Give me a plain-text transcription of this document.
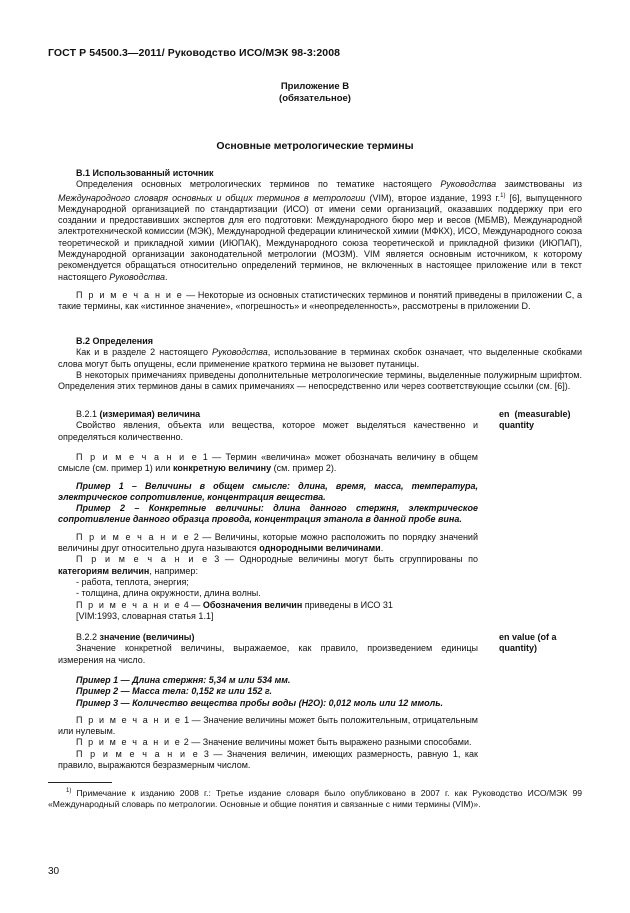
ГОСТ Р 54500.3—2011/ Руководство ИСО/МЭК 98-3:2008
Приложение В
(обязательное)
Основные метрологические термины

В.1 Использованный источник

Определения основных метрологических терминов по тематике настоящего Руководства заимствованы из Международного словаря основных и общих терминов в метрологии (VIM), второе издание, 1993 г.$^{1)}$ [6], выпущенного Международной организацией по стандартизации (ИСО) от имени семи организаций, оказавших поддержку при его создании и предоставивших экспертов для его подготовки: Международного бюро мер и весов (МБМВ), Международной электротехнической комиссии (МЭК), Международной федерации клинической химии (МФКХ), ИСО, Международного союза теоретической и прикладной химии (ИЮПАК), Международного союза теоретической и прикладной физики (ИЮПАП), Международной организации законодательной метрологии (МОЗМ). VIM является основным источником, к которому рекомендуется обращаться относительно определений терминов, не включенных в настоящее приложение или в текст настоящего Руководства.

П р и м е ч а н и е — Некоторые из основных статистических терминов и понятий приведены в приложении С, а такие термины, как «истинное значение», «погрешность» и «неопределенность», рассмотрены в приложении D.

В.2 Определения

Как и в разделе 2 настоящего Руководства, использование в терминах скобок означает, что выделенные скобками слова могут быть опущены, если применение краткого термина не вызовет путаницы.

В некоторых примечаниях приведены дополнительные метрологические термины, выделенные полужирным шрифтом. Определения этих терминов даны в самих примечаниях — непосредственно или через соответствующие ссылки (см. [6]).

В.2.1 (измеримая) величина

Свойство явления, объекта или вещества, которое может выделяться качественно и определяться количественно.

en  (measurable)
quantity

П р и м е ч а н и е 1 — Термин «величина» может обозначать величину в общем смысле (см. пример 1) или конкретную величину (см. пример 2).

Пример 1 – Величины в общем смысле: длина, время, масса, температура, электрическое сопротивление, концентрация вещества.

Пример 2 – Конкретные величины: длина данного стержня, электрическое сопротивление данного образца провода, концентрация этанола в данной пробе вина.

П р и м е ч а н и е 2 — Величины, которые можно расположить по порядку значений величины друг относительно друга называются однородными величинами.

П р и м е ч а н и е 3 — Однородные величины могут быть сгруппированы по категориям величин, например:

- работа, теплота, энергия;

- толщина, длина окружности, длина волны.

П р и м е ч а н и е 4 — Обозначения величин приведены в ИСО 31

[VIM:1993, словарная статья 1.1]

В.2.2 значение (величины)

Значение конкретной величины, выражаемое, как правило, произведением единицы измерения на число.

en value (of a
quantity)

Пример 1 — Длина стержня: 5,34 м или 534 мм.

Пример 2 — Масса тела: 0,152 кг или 152 г.

Пример 3 — Количество вещества пробы воды (H2O): 0,012 моль или 12 ммоль.

П р и м е ч а н и е 1 — Значение величины может быть положительным, отрицательным или нулевым.

П р и м е ч а н и е 2 — Значение величины может быть выражено разными способами.

П р и м е ч а н и е 3 — Значения величин, имеющих размерность, равную 1, как правило, выражаются безразмерным числом.

$^{1)}$ Примечание к изданию 2008 г.: Третье издание словаря было опубликовано в 2007 г. как Руководство ИСО/МЭК 99 «Международный словарь по метрологии. Основные и общие понятия и связанные с ними термины (VIM)».

30
